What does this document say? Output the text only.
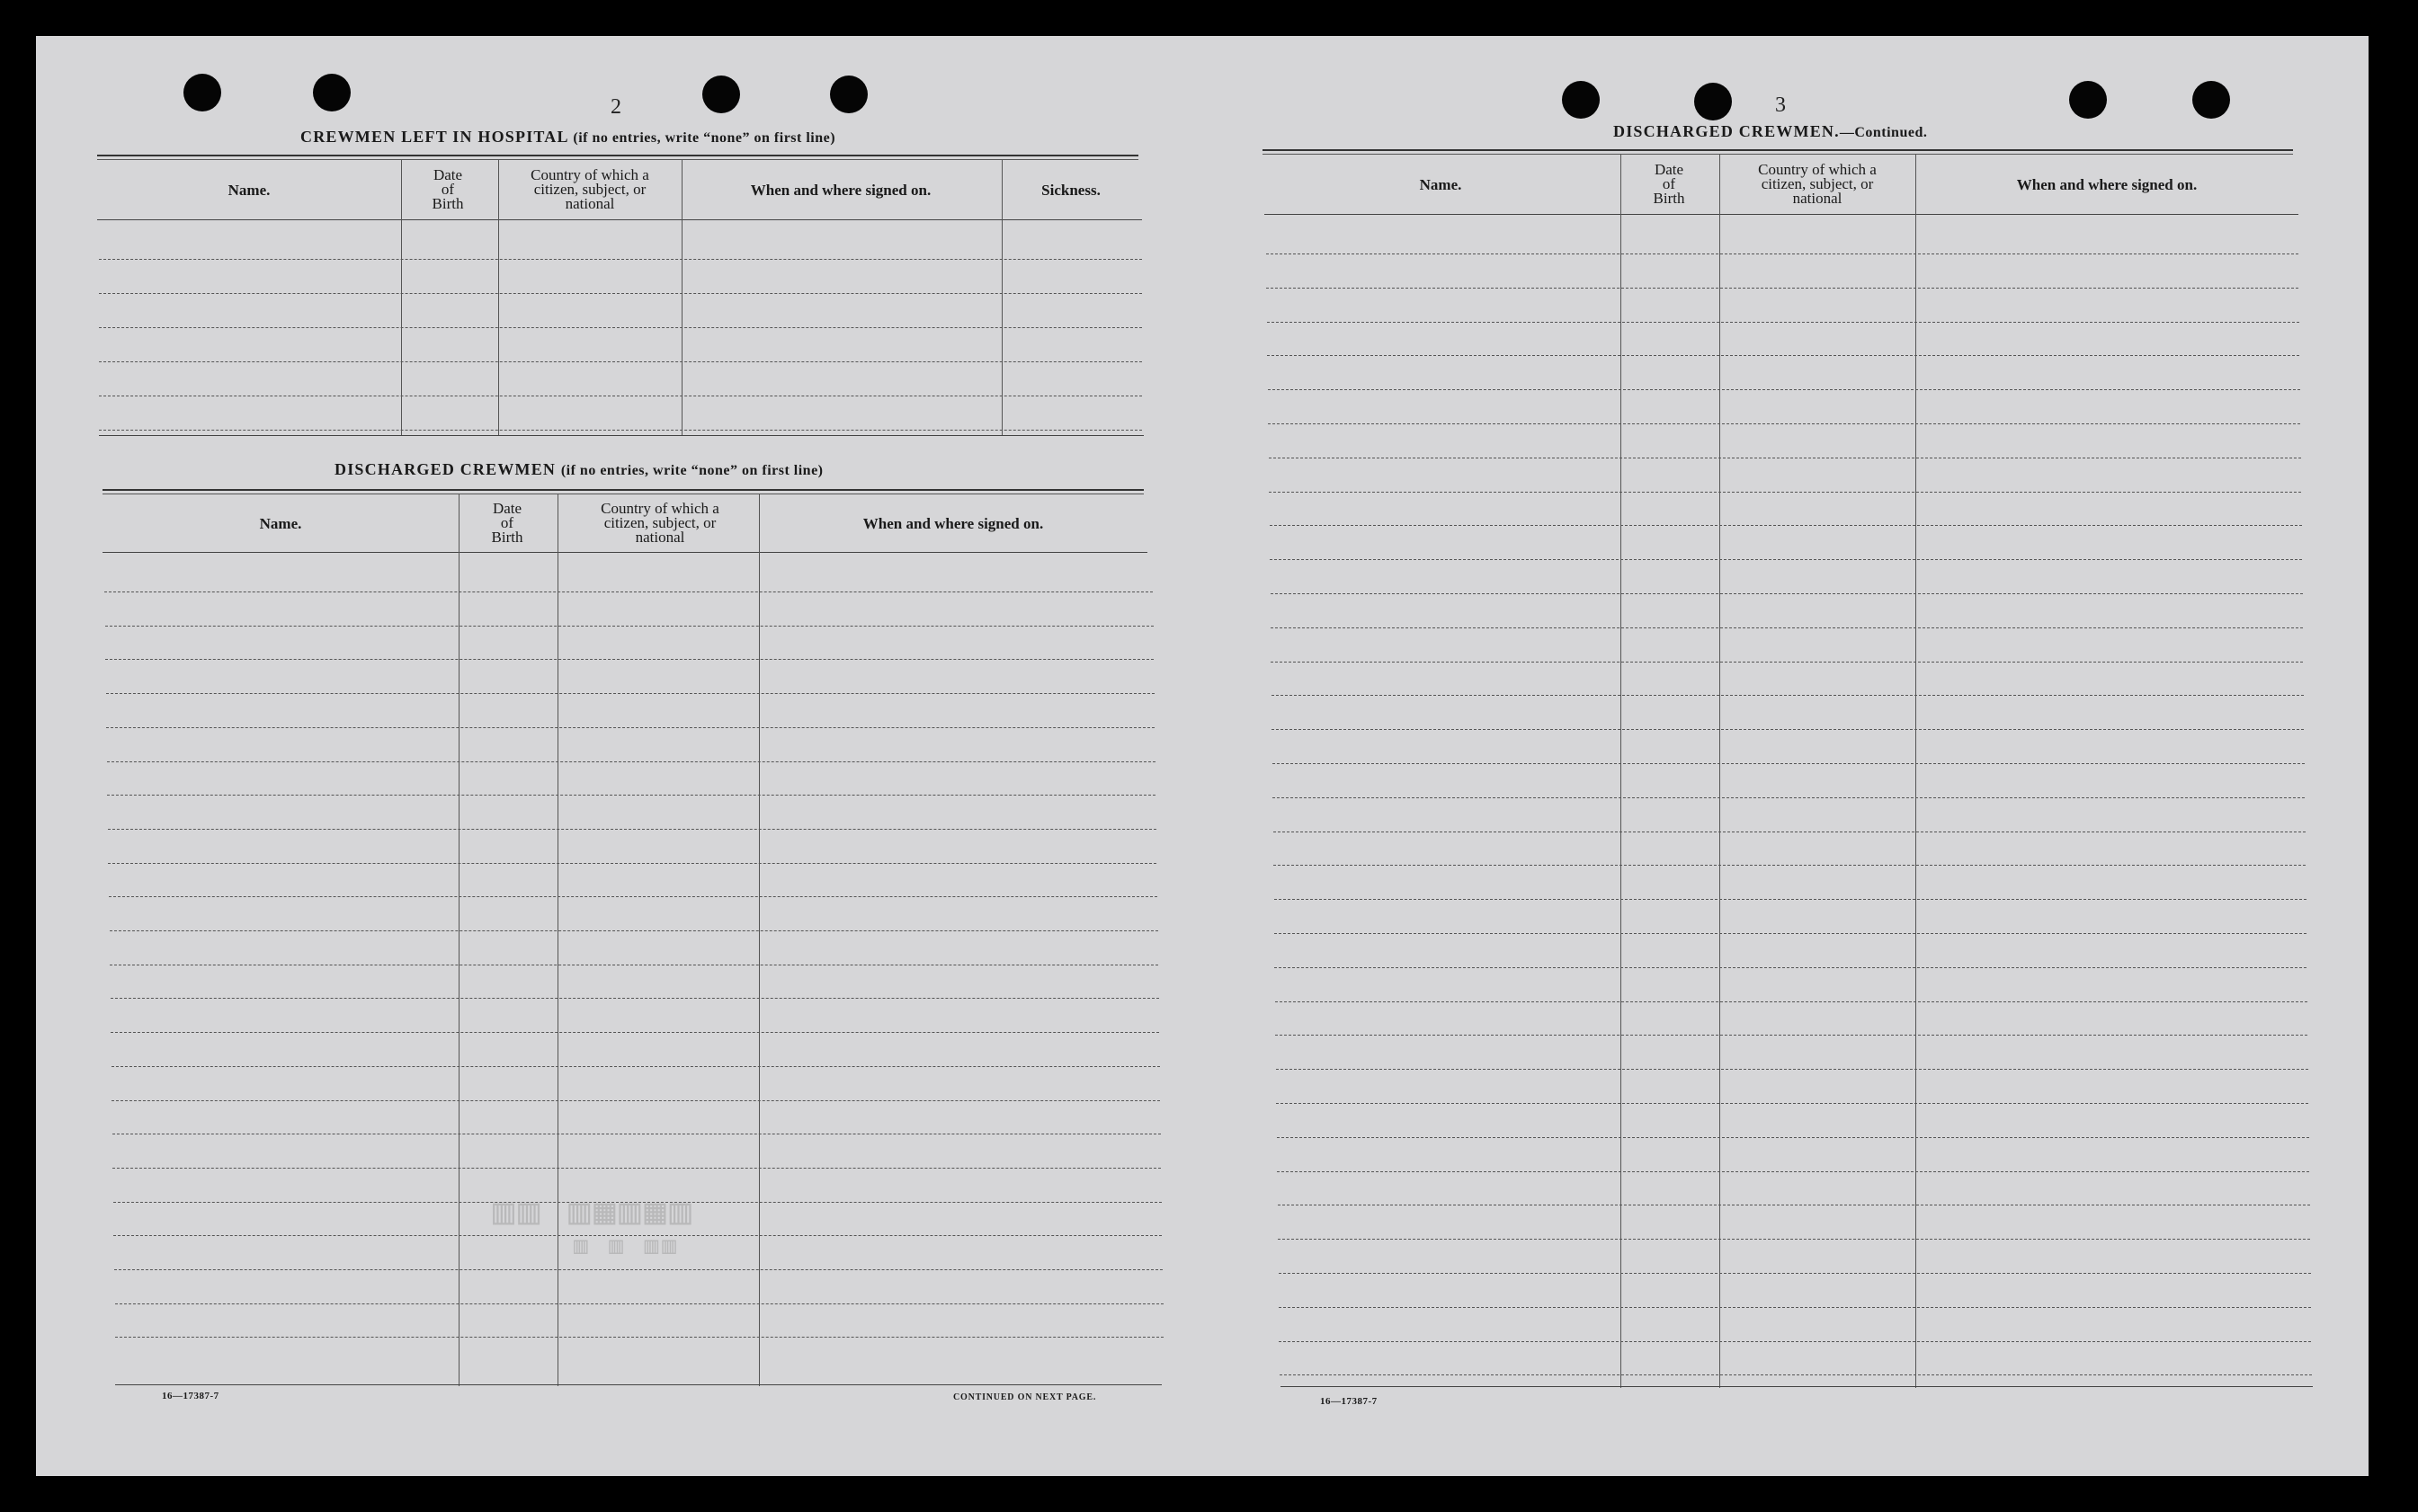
2
CREWMEN LEFT IN HOSPITAL (if no entries, write “none” on first line)
Name.
Date
of
Birth
Country of which a
citizen, subject, or
national
When and where signed on.	Sickness.
DISCHARGED CREWMEN (if no entries, write “none” on first line)
Name.
Date
of
Birth
Country of which a
citizen, subject, or
national
When and where signed on.
▥▥ ▥▦▥▦▥
▥ ▥ ▥▥
16—17387-7	CONTINUED ON NEXT PAGE.
3
DISCHARGED CREWMEN.—Continued.
Name.
Date
of
Birth
Country of which a
citizen, subject, or
national
When and where signed on.
16—17387-7
